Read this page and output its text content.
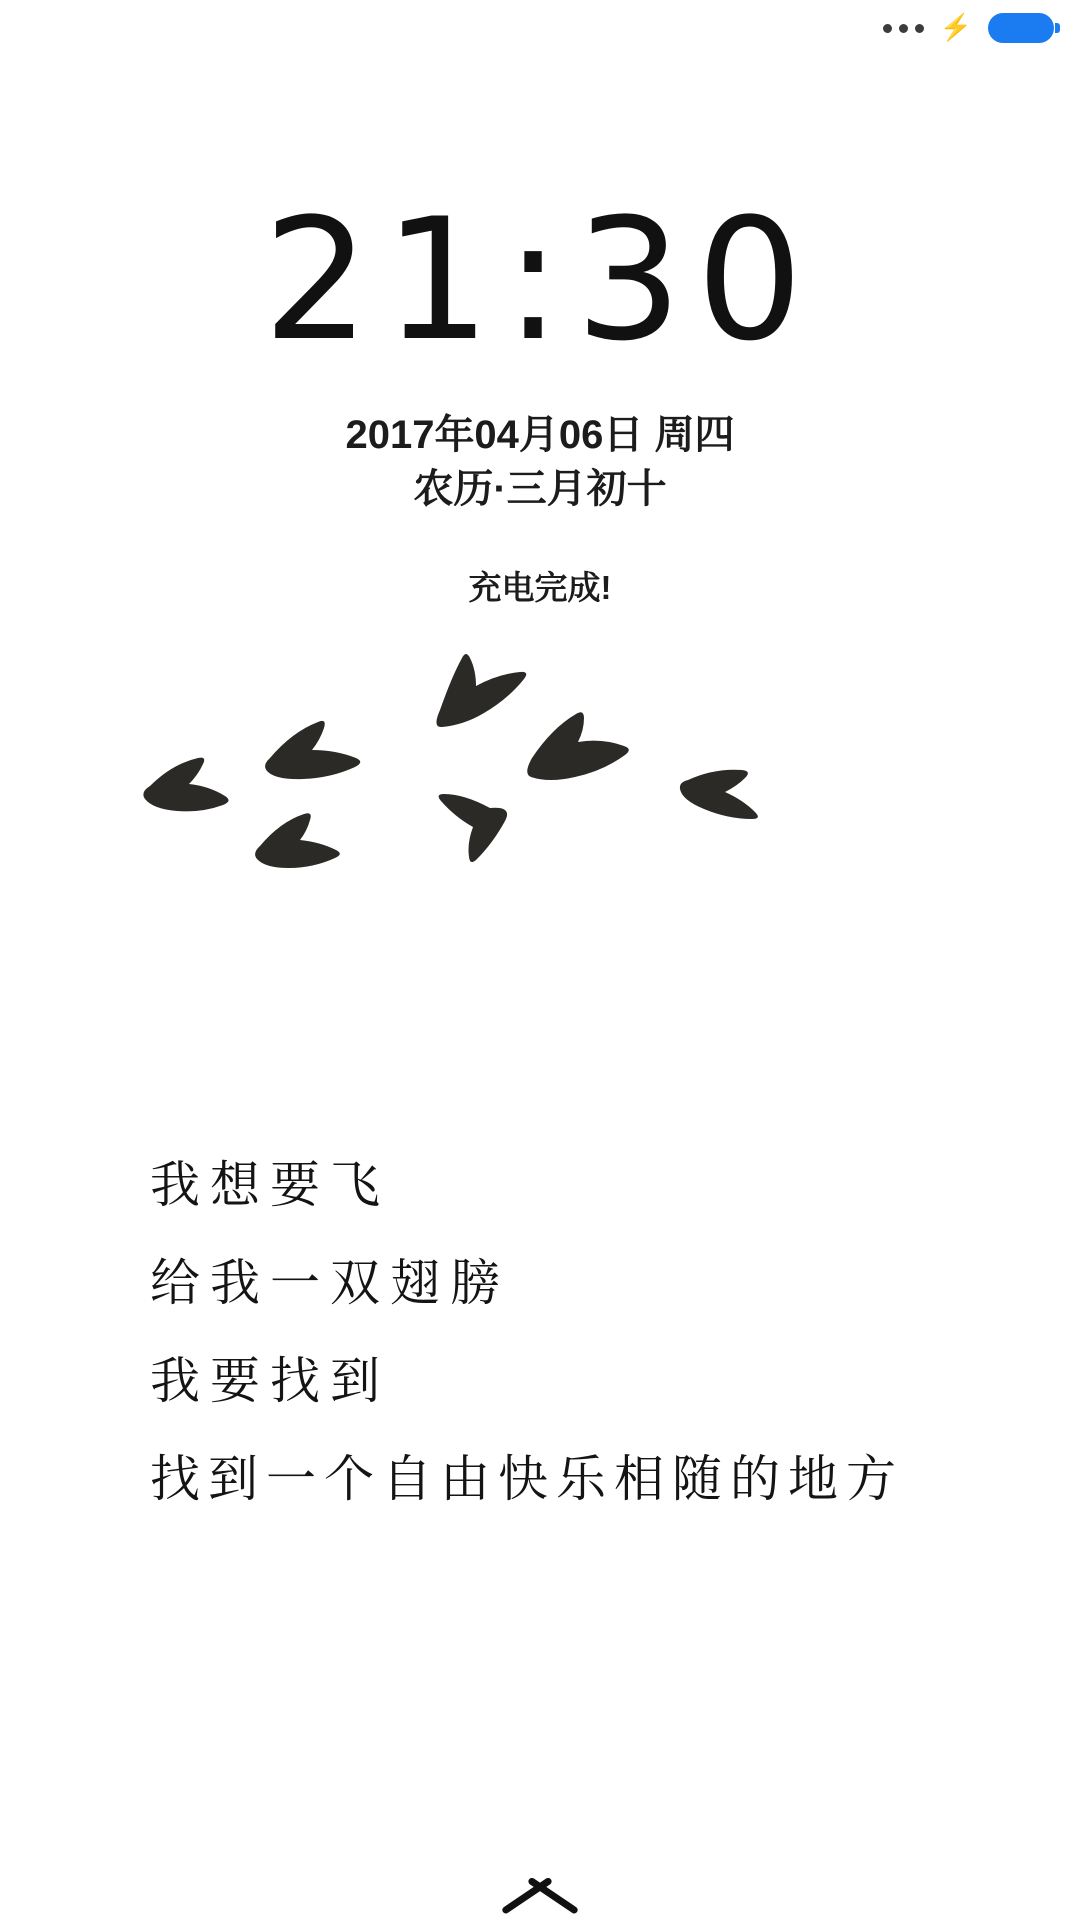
⚡
21:30
2017年04月06日 周四
农历·三月初十
充电完成!
我想要飞
给我一双翅膀
我要找到
找到一个自由快乐相随的地方
